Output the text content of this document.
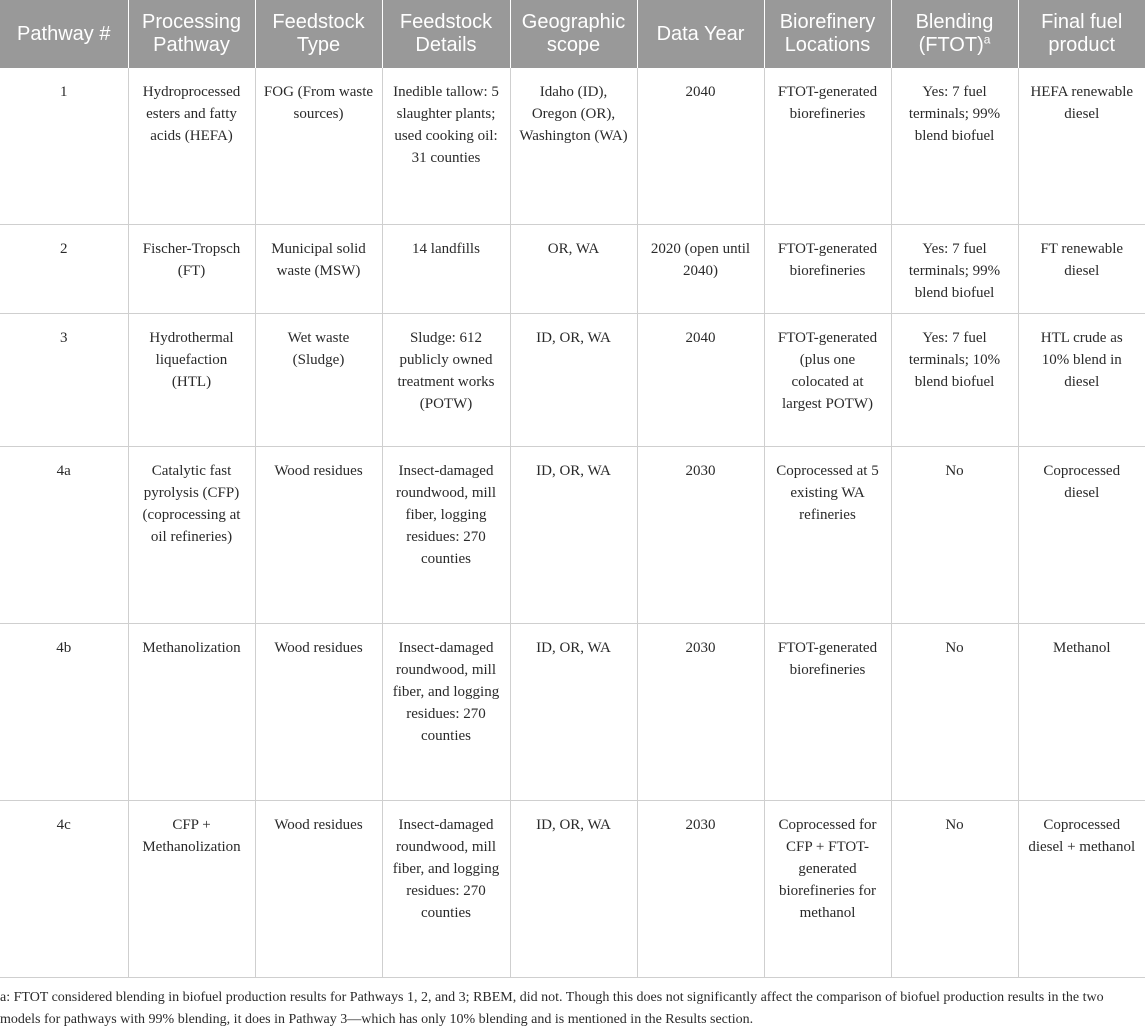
Pathway #	Processing Pathway	Feedstock Type	Feedstock Details	Geographic scope	Data Year	Biorefinery Locations	Blending (FTOT)$^a$	Final fuel product
1	Hydroprocessed esters and fatty acids (HEFA)	FOG (From waste sources)	Inedible tallow: 5 slaughter plants; used cooking oil: 31 counties	Idaho (ID), Oregon (OR), Washington (WA)	2040	FTOT-generated biorefineries	Yes: 7 fuel terminals; 99% blend biofuel	HEFA renewable diesel
2	Fischer-Tropsch (FT)	Municipal solid waste (MSW)	14 landfills	OR, WA	2020 (open until 2040)	FTOT-generated biorefineries	Yes: 7 fuel terminals; 99% blend biofuel	FT renewable diesel
3	Hydrothermal liquefaction (HTL)	Wet waste (Sludge)	Sludge: 612 publicly owned treatment works (POTW)	ID, OR, WA	2040	FTOT-generated (plus one colocated at largest POTW)	Yes: 7 fuel terminals; 10% blend biofuel	HTL crude as 10% blend in diesel
4a	Catalytic fast pyrolysis (CFP) (coprocessing at oil refineries)	Wood residues	Insect-damaged roundwood, mill fiber, logging residues: 270 counties	ID, OR, WA	2030	Coprocessed at 5 existing WA refineries	No	Coprocessed diesel
4b	Methanolization	Wood residues	Insect-damaged roundwood, mill fiber, and logging residues: 270 counties	ID, OR, WA	2030	FTOT-generated biorefineries	No	Methanol
4c	CFP + Methanolization	Wood residues	Insect-damaged roundwood, mill fiber, and logging residues: 270 counties	ID, OR, WA	2030	Coprocessed for CFP + FTOT-generated biorefineries for methanol	No	Coprocessed diesel + methanol

a: FTOT considered blending in biofuel production results for Pathways 1, 2, and 3; RBEM, did not. Though this does not significantly affect the comparison of biofuel production results in the two models for pathways with 99% blending, it does in Pathway 3—which has only 10% blending and is mentioned in the Results section.
